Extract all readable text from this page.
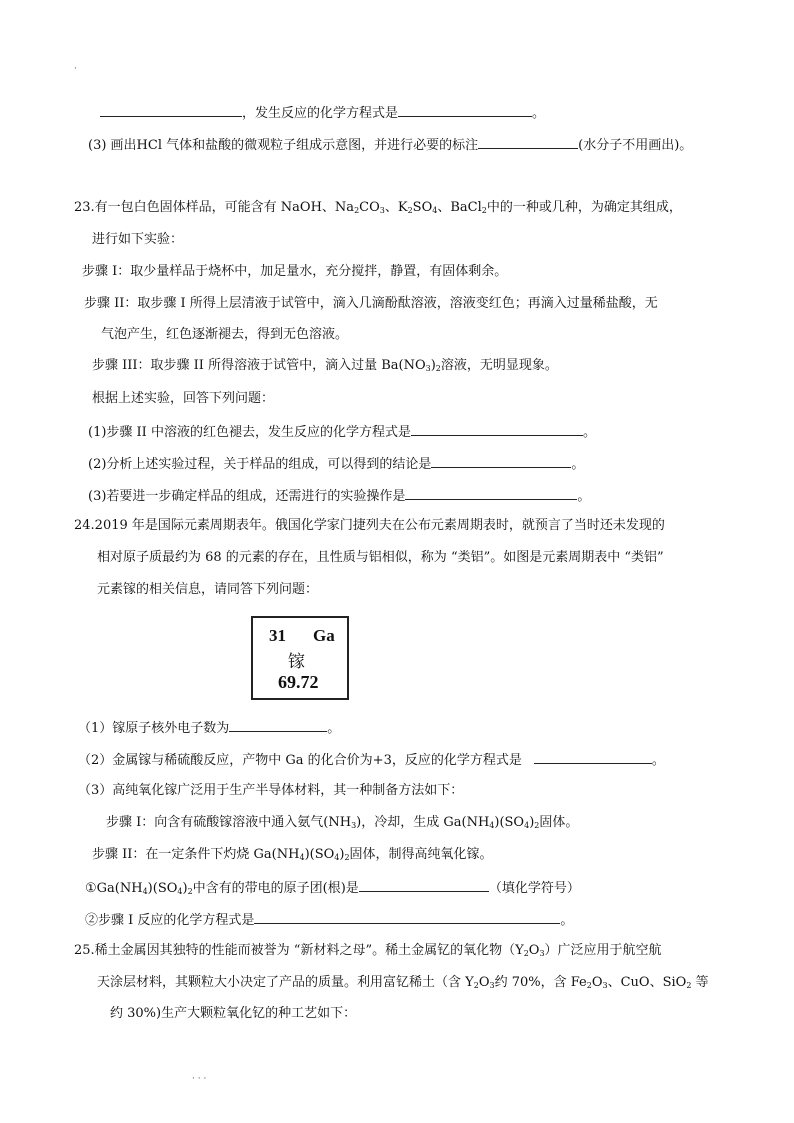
·
，发生反应的化学方程式是	。
(3) 画出HCl 气体和盐酸的微观粒子组成示意图，并进行必要的标注	(水分子不用画出)。
23.有一包白色固体样品，可能含有 NaOH、$Na_2CO_3$、$K_2SO_4$、BaCl$_2$中的一种或几种，为确定其组成，
进行如下实验：
步骤 I：取少量样品于烧杯中，加足量水，充分搅拌，静置，有固体剩余。
步骤 II：取步骤 I 所得上层清液于试管中，滴入几滴酚酞溶液，溶液变红色；再滴入过量稀盐酸，无
气泡产生，红色逐渐褪去，得到无色溶液。
步骤 III：取步骤 II 所得溶液于试管中，滴入过量 $Ba(NO_3)_2$溶液，无明显现象。
根据上述实验，回答下列问题：
(1)步骤 II 中溶液的红色褪去，发生反应的化学方程式是	。
(2)分析上述实验过程，关于样品的组成，可以得到的结论是	。
(3)若要进一步确定样品的组成，还需进行的实验操作是	。
24.2019 年是国际元素周期表年。俄国化学家门捷列夫在公布元素周期表时，就预言了当时还未发现的
相对原子质最约为 68 的元素的存在，且性质与铝相似，称为 “类铝”。如图是元素周期表中 “类铝”
元素镓的相关信息，请同答下列问题：
31 Ga
镓
69.72
（1）镓原子核外电子数为	。
（2）金属镓与稀硫酸反应，产物中 Ga 的化合价为+3，反应的化学方程式是	。
（3）高纯氧化镓广泛用于生产半导体材料，其一种制备方法如下：
步骤 I：向含有硫酸镓溶液中通入氨气$(NH_3)$，冷却，生成 $Ga(NH_4)(SO_4)_2$固体。
步骤 II：在一定条件下灼烧 $Ga(NH_4)(SO_4)_2$固体，制得高纯氧化镓。
$①Ga(NH_4)(SO_4)_2$中含有的带电的原子团(根)是	（填化学符号）
②步骤 I 反应的化学方程式是	。
25.稀土金属因其独特的性能而被誉为 “新材料之母”。稀土金属钇的氧化物$(Y_2O_3)$广泛应用于航空航
天涂层材料，其颗粒大小决定了产品的质量。利用富钇稀土（含 $Y_2O_3$约 70%，含 $Fe_2O_3$、CuO、SiO$_2$ 等
约 30%)生产大颗粒氧化钇的种工艺如下：
· · ·
